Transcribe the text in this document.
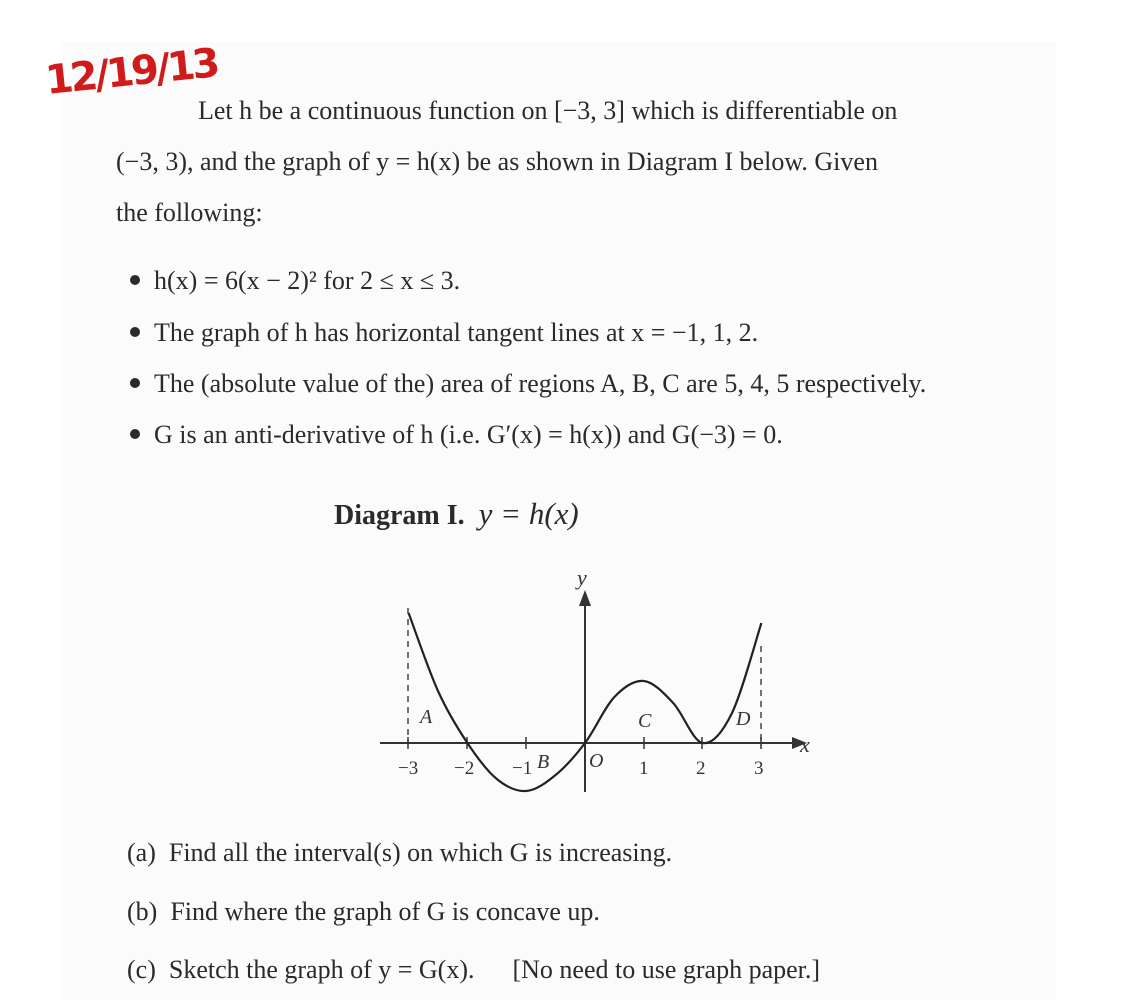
12/19/13
Let h be a continuous function on [−3, 3] which is differentiable on
(−3, 3), and the graph of y = h(x) be as shown in Diagram I below. Given
the following:
h(x) = 6(x − 2)² for 2 ≤ x ≤ 3.
The graph of h has horizontal tangent lines at x = −1, 1, 2.
The (absolute value of the) area of regions A, B, C are 5, 4, 5 respectively.
G is an anti-derivative of h (i.e. G′(x) = h(x)) and G(−3) = 0.
Diagram I. y = h(x)
x
y
−3 −2 −1	1	2	3
O
A
B
C	D
(a) Find all the interval(s) on which G is increasing.
(b) Find where the graph of G is concave up.
(c) Sketch the graph of y = G(x). [No need to use graph paper.]
